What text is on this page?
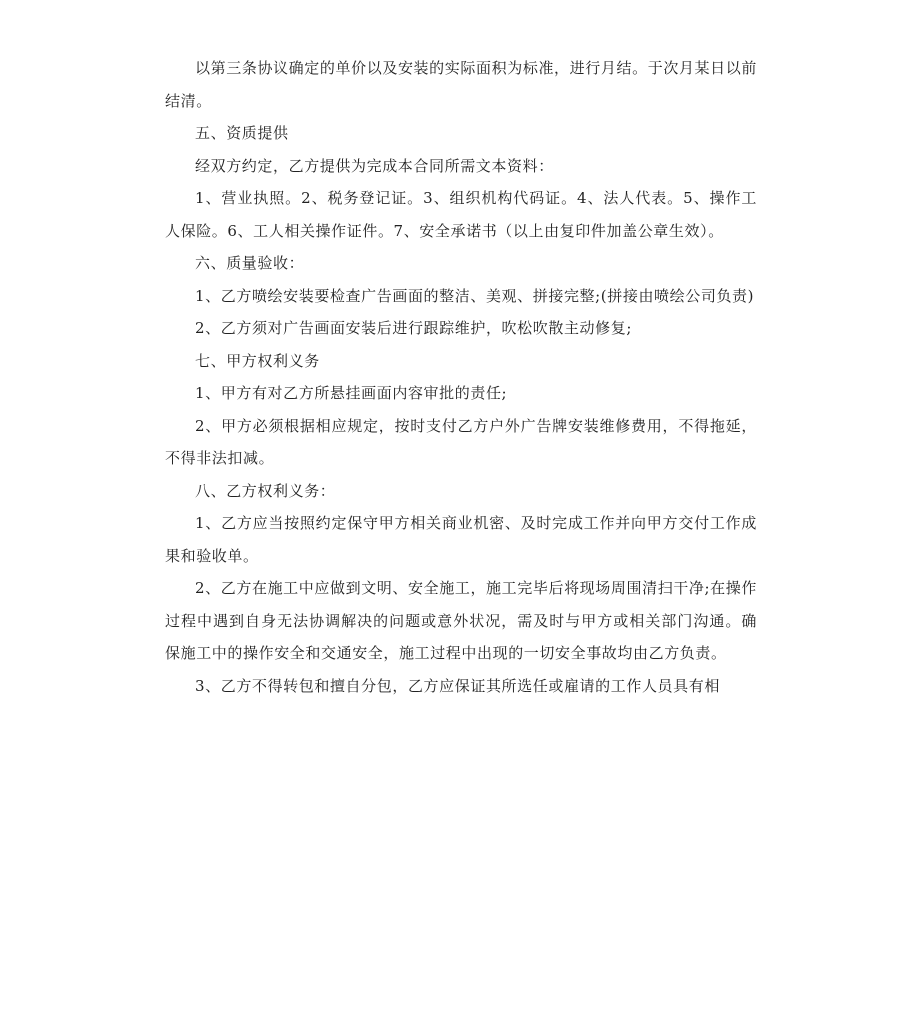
以第三条协议确定的单价以及安装的实际面积为标准，进行月结。于次月某日以前结清。

五、资质提供

经双方约定，乙方提供为完成本合同所需文本资料：

1、营业执照。2、税务登记证。3、组织机构代码证。4、法人代表。5、操作工人保险。6、工人相关操作证件。7、安全承诺书（以上由复印件加盖公章生效）。

六、质量验收：

1、乙方喷绘安装要检查广告画面的整洁、美观、拼接完整;(拼接由喷绘公司负责)

2、乙方须对广告画面安装后进行跟踪维护，吹松吹散主动修复;

七、甲方权利义务

1、甲方有对乙方所悬挂画面内容审批的责任;

2、甲方必须根据相应规定，按时支付乙方户外广告牌安装维修费用，不得拖延，不得非法扣减。

八、乙方权利义务：

1、乙方应当按照约定保守甲方相关商业机密、及时完成工作并向甲方交付工作成果和验收单。

2、乙方在施工中应做到文明、安全施工，施工完毕后将现场周围清扫干净;在操作过程中遇到自身无法协调解决的问题或意外状况，需及时与甲方或相关部门沟通。确保施工中的操作安全和交通安全，施工过程中出现的一切安全事故均由乙方负责。

3、乙方不得转包和擅自分包，乙方应保证其所选任或雇请的工作人员具有相
